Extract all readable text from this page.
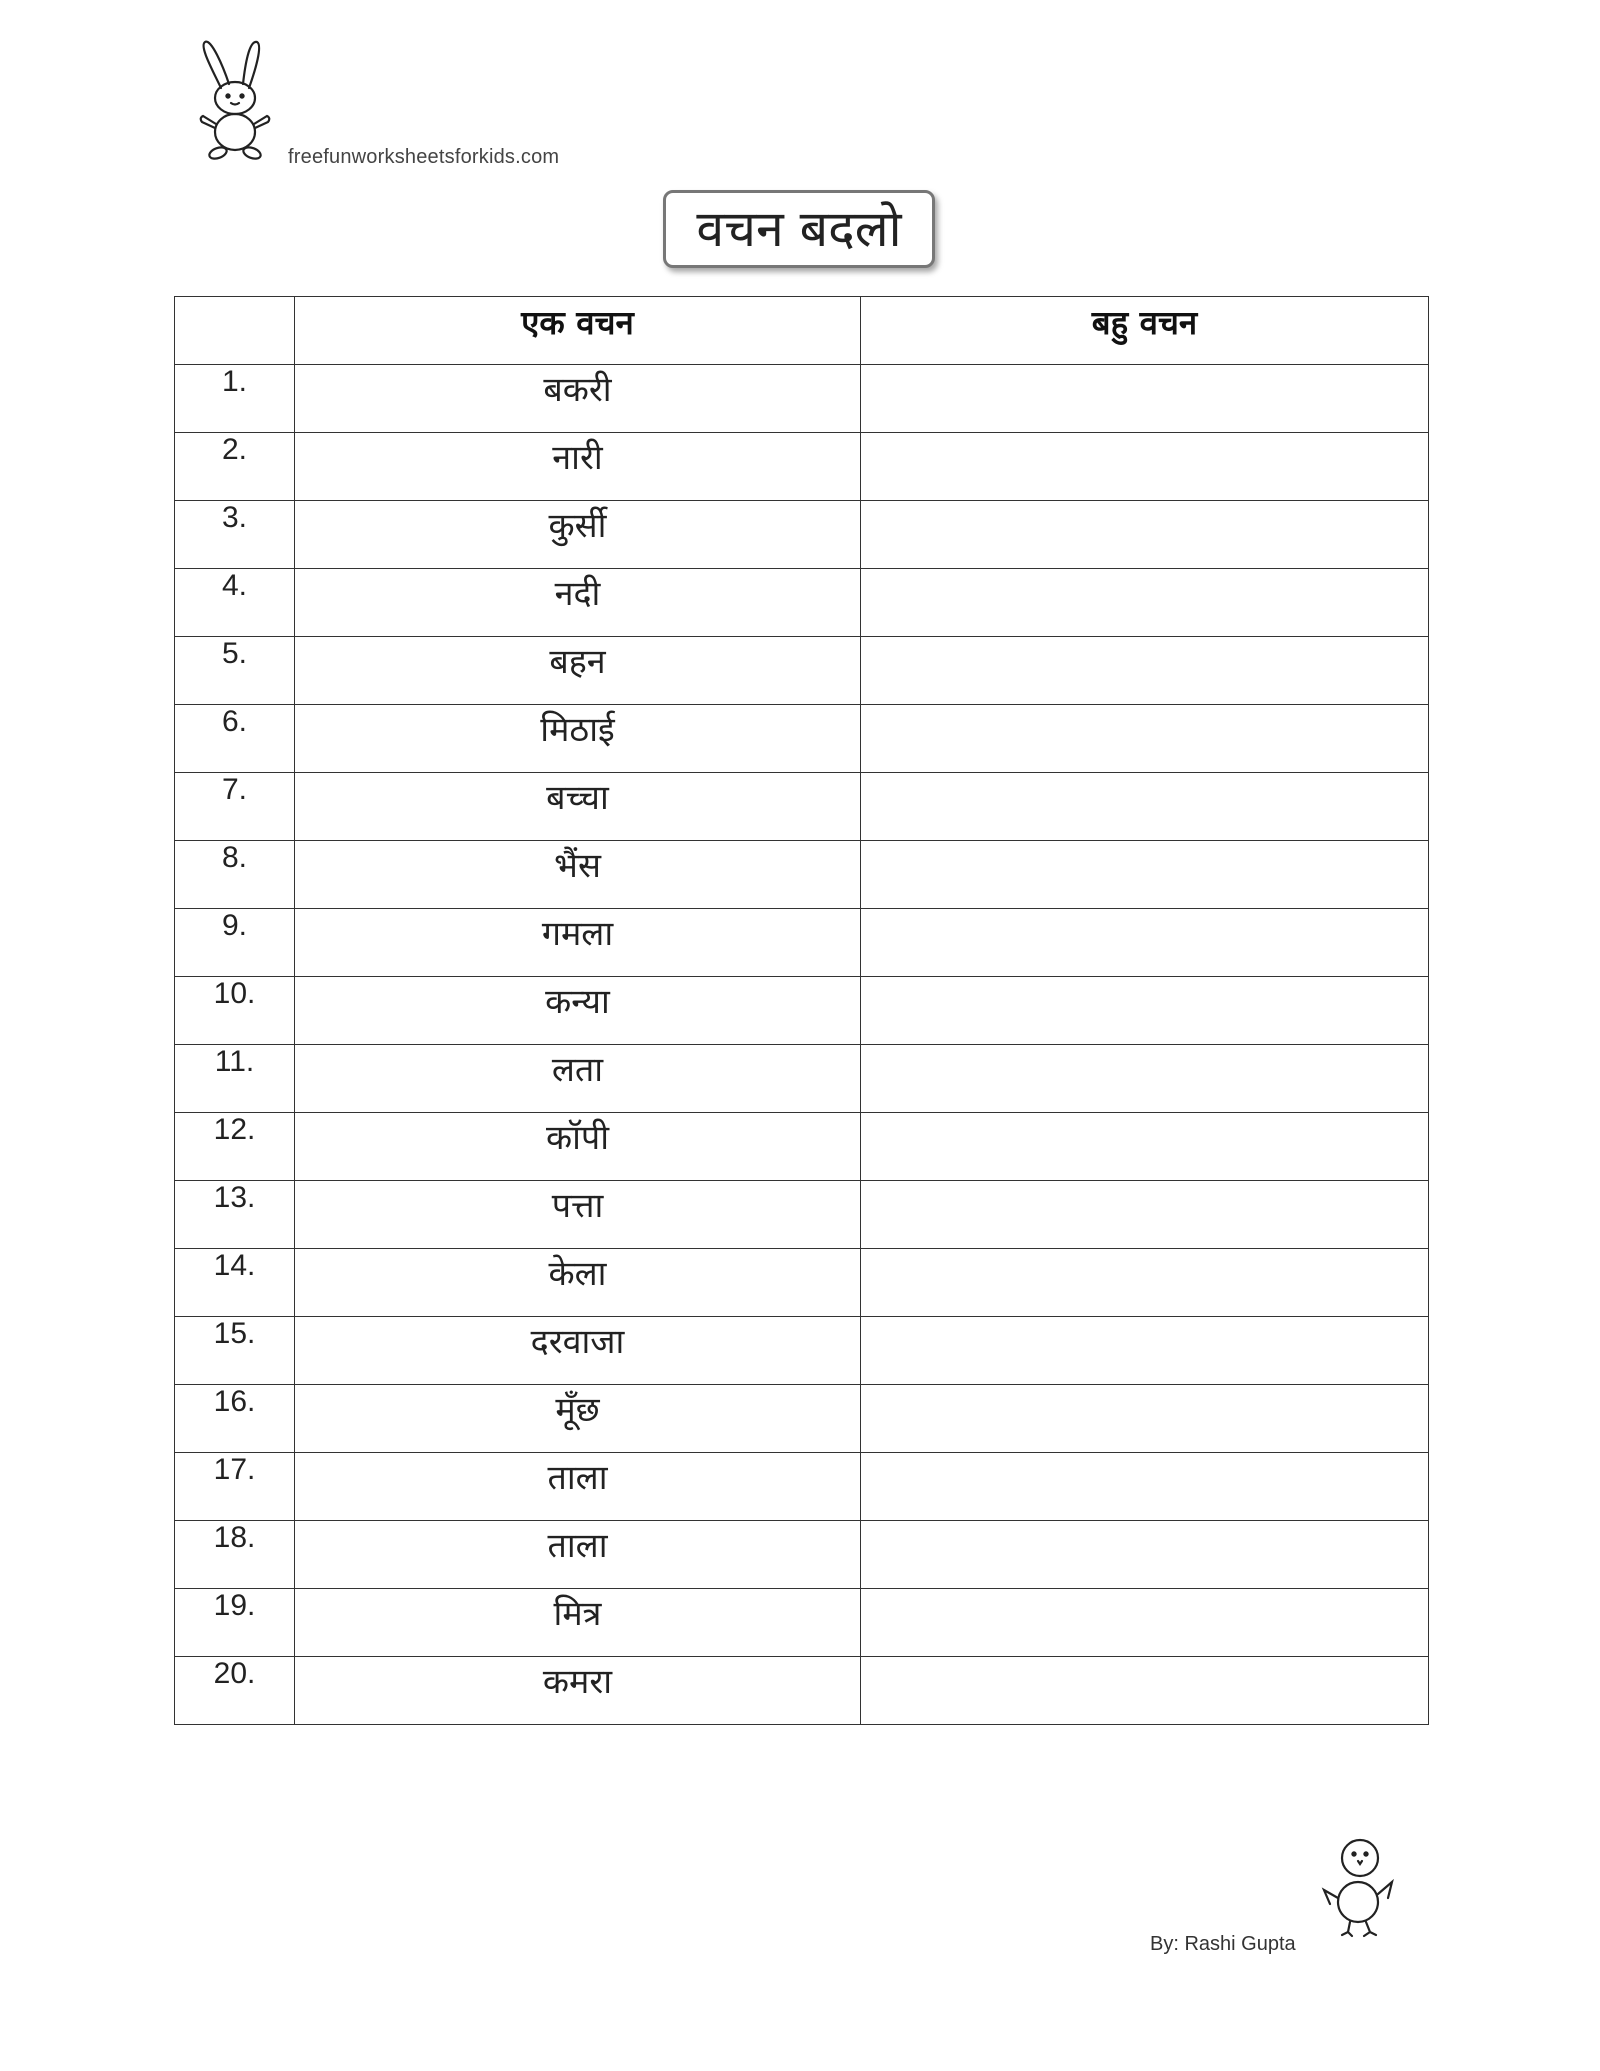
freefunworksheetsforkids.com
वचन बदलो
	एक वचन	बहु वचन
1.	बकरी	
2.	नारी	
3.	कुर्सी	
4.	नदी	
5.	बहन	
6.	मिठाई	
7.	बच्चा	
8.	भैंस	
9.	गमला	
10.	कन्या	
11.	लता	
12.	कॉपी	
13.	पत्ता	
14.	केला	
15.	दरवाजा	
16.	मूँछ	
17.	ताला	
18.	ताला	
19.	मित्र	
20.	कमरा	
By: Rashi Gupta
